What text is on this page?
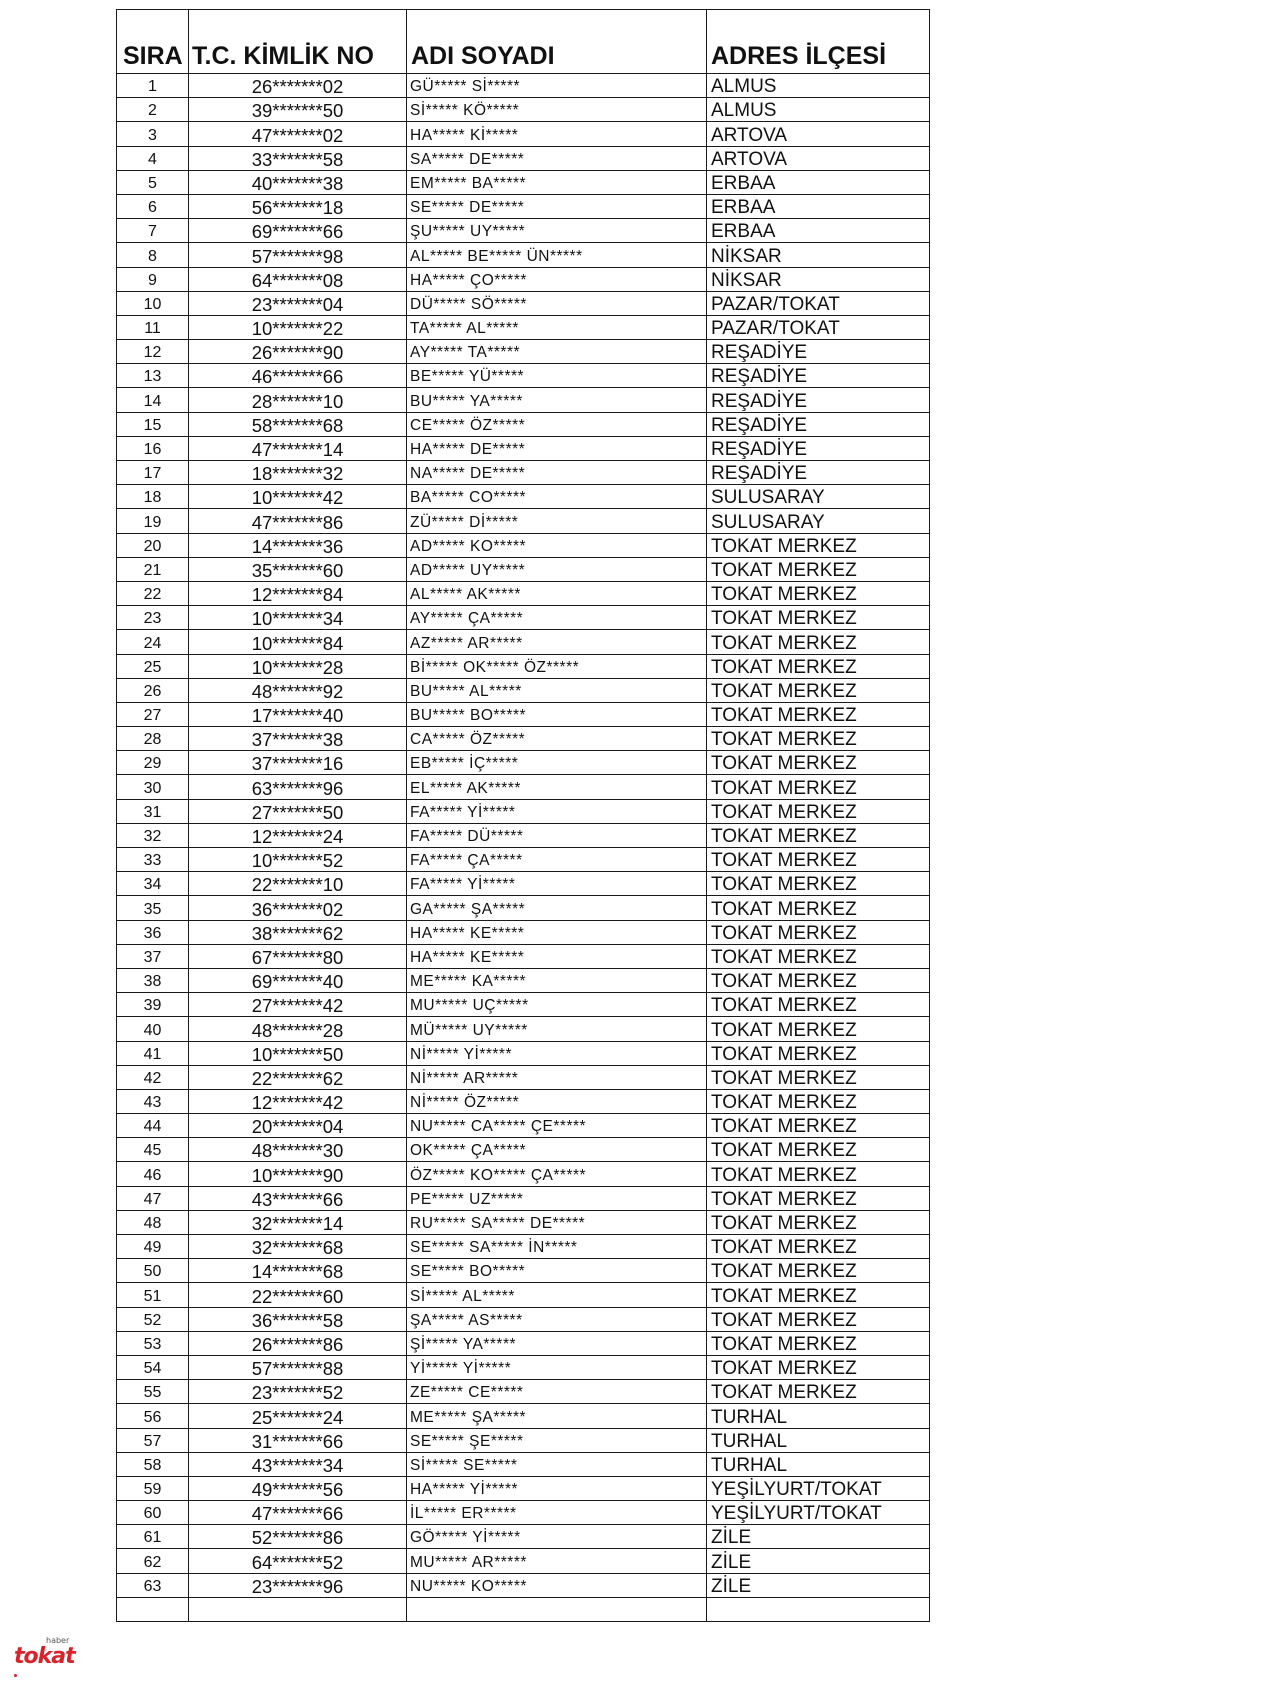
SIRA	T.C. KİMLİK NO	ADI SOYADI	ADRES İLÇESİ
1	26*******02	GÜ***** Sİ*****	ALMUS
2	39*******50	Sİ***** KÖ*****	ALMUS
3	47*******02	HA***** Kİ*****	ARTOVA
4	33*******58	SA***** DE*****	ARTOVA
5	40*******38	EM***** BA*****	ERBAA
6	56*******18	SE***** DE*****	ERBAA
7	69*******66	ŞU***** UY*****	ERBAA
8	57*******98	AL***** BE***** ÜN*****	NİKSAR
9	64*******08	HA***** ÇO*****	NİKSAR
10	23*******04	DÜ***** SÖ*****	PAZAR/TOKAT
11	10*******22	TA***** AL*****	PAZAR/TOKAT
12	26*******90	AY***** TA*****	REŞADİYE
13	46*******66	BE***** YÜ*****	REŞADİYE
14	28*******10	BU***** YA*****	REŞADİYE
15	58*******68	CE***** ÖZ*****	REŞADİYE
16	47*******14	HA***** DE*****	REŞADİYE
17	18*******32	NA***** DE*****	REŞADİYE
18	10*******42	BA***** CO*****	SULUSARAY
19	47*******86	ZÜ***** Dİ*****	SULUSARAY
20	14*******36	AD***** KO*****	TOKAT MERKEZ
21	35*******60	AD***** UY*****	TOKAT MERKEZ
22	12*******84	AL***** AK*****	TOKAT MERKEZ
23	10*******34	AY***** ÇA*****	TOKAT MERKEZ
24	10*******84	AZ***** AR*****	TOKAT MERKEZ
25	10*******28	Bİ***** OK***** ÖZ*****	TOKAT MERKEZ
26	48*******92	BU***** AL*****	TOKAT MERKEZ
27	17*******40	BU***** BO*****	TOKAT MERKEZ
28	37*******38	CA***** ÖZ*****	TOKAT MERKEZ
29	37*******16	EB***** İÇ*****	TOKAT MERKEZ
30	63*******96	EL***** AK*****	TOKAT MERKEZ
31	27*******50	FA***** Yİ*****	TOKAT MERKEZ
32	12*******24	FA***** DÜ*****	TOKAT MERKEZ
33	10*******52	FA***** ÇA*****	TOKAT MERKEZ
34	22*******10	FA***** Yİ*****	TOKAT MERKEZ
35	36*******02	GA***** ŞA*****	TOKAT MERKEZ
36	38*******62	HA***** KE*****	TOKAT MERKEZ
37	67*******80	HA***** KE*****	TOKAT MERKEZ
38	69*******40	ME***** KA*****	TOKAT MERKEZ
39	27*******42	MU***** UÇ*****	TOKAT MERKEZ
40	48*******28	MÜ***** UY*****	TOKAT MERKEZ
41	10*******50	Nİ***** Yİ*****	TOKAT MERKEZ
42	22*******62	Nİ***** AR*****	TOKAT MERKEZ
43	12*******42	Nİ***** ÖZ*****	TOKAT MERKEZ
44	20*******04	NU***** CA***** ÇE*****	TOKAT MERKEZ
45	48*******30	OK***** ÇA*****	TOKAT MERKEZ
46	10*******90	ÖZ***** KO***** ÇA*****	TOKAT MERKEZ
47	43*******66	PE***** UZ*****	TOKAT MERKEZ
48	32*******14	RU***** SA***** DE*****	TOKAT MERKEZ
49	32*******68	SE***** SA***** İN*****	TOKAT MERKEZ
50	14*******68	SE***** BO*****	TOKAT MERKEZ
51	22*******60	Sİ***** AL*****	TOKAT MERKEZ
52	36*******58	ŞA***** AS*****	TOKAT MERKEZ
53	26*******86	Şİ***** YA*****	TOKAT MERKEZ
54	57*******88	Yİ***** Yİ*****	TOKAT MERKEZ
55	23*******52	ZE***** CE*****	TOKAT MERKEZ
56	25*******24	ME***** ŞA*****	TURHAL
57	31*******66	SE***** ŞE*****	TURHAL
58	43*******34	Sİ***** SE*****	TURHAL
59	49*******56	HA***** Yİ*****	YEŞİLYURT/TOKAT
60	47*******66	İL***** ER*****	YEŞİLYURT/TOKAT
61	52*******86	GÖ***** Yİ*****	ZİLE
62	64*******52	MU***** AR*****	ZİLE
63	23*******96	NU***** KO*****	ZİLE

haber
tokat
